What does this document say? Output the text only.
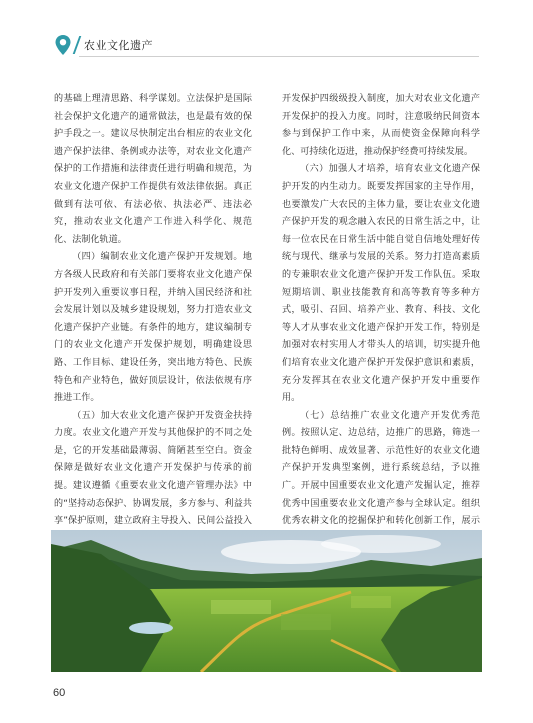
农业文化遗产

的基础上理清思路、科学谋划。立法保护是国际社会保护文化遗产的通常做法，也是最有效的保护手段之一。建议尽快制定出台相应的农业文化遗产保护法律、条例或办法等，对农业文化遗产保护的工作措施和法律责任进行明确和规范，为农业文化遗产保护工作提供有效法律依据。真正做到有法可依、有法必依、执法必严、违法必究，推动农业文化遗产工作进入科学化、规范化、法制化轨道。

（四）编制农业文化遗产保护开发规划。地方各级人民政府和有关部门要将农业文化遗产保护开发列入重要议事日程，并纳入国民经济和社会发展计划以及城乡建设规划，努力打造农业文化遗产保护产业链。有条件的地方，建议编制专门的农业文化遗产开发保护规划，明确建设思路、工作目标、建设任务，突出地方特色、民族特色和产业特色，做好顶层设计，依法依规有序推进工作。

（五）加大农业文化遗产保护开发资金扶持力度。农业文化遗产开发与其他保护的不同之处是，它的开发基础最薄弱、简陋甚至空白。资金保障是做好农业文化遗产开发保护与传承的前提。建议遵循《重要农业文化遗产管理办法》中的“坚持动态保护、协调发展，多方参与、利益共享”保护原则，建立政府主导投入、民间公益投入

开发保护四级级投入制度，加大对农业文化遗产开发保护的投入力度。同时，注意吸纳民间资本参与到保护工作中来，从而使资金保障向科学化、可持续化迈进，推动保护经费可持续发展。

（六）加强人才培养，培育农业文化遗产保护开发的内生动力。既要发挥国家的主导作用，也要激发广大农民的主体力量，要让农业文化遗产保护开发的观念融入农民的日常生活之中，让每一位农民在日常生活中能自觉自信地处理好传统与现代、继承与发展的关系。努力打造高素质的专兼职农业文化遗产保护开发工作队伍。采取短期培训、职业技能教育和高等教育等多种方式，吸引、召回、培养产业、教育、科技、文化等人才从事农业文化遗产保护开发工作，特别是加强对农村实用人才带头人的培训，切实提升他们培育农业文化遗产保护开发保护意识和素质，充分发挥其在农业文化遗产保护开发中重要作用。

（七）总结推广农业文化遗产开发优秀范例。按照认定、边总结，边推广的思路，筛选一批特色鲜明、成效显著、示范性好的农业文化遗产保护开发典型案例，进行系统总结，予以推广。开展中国重要农业文化遗产发掘认定，推荐优秀中国重要农业文化遗产参与全球认定。组织优秀农耕文化的挖掘保护和转化创新工作，展示

60
